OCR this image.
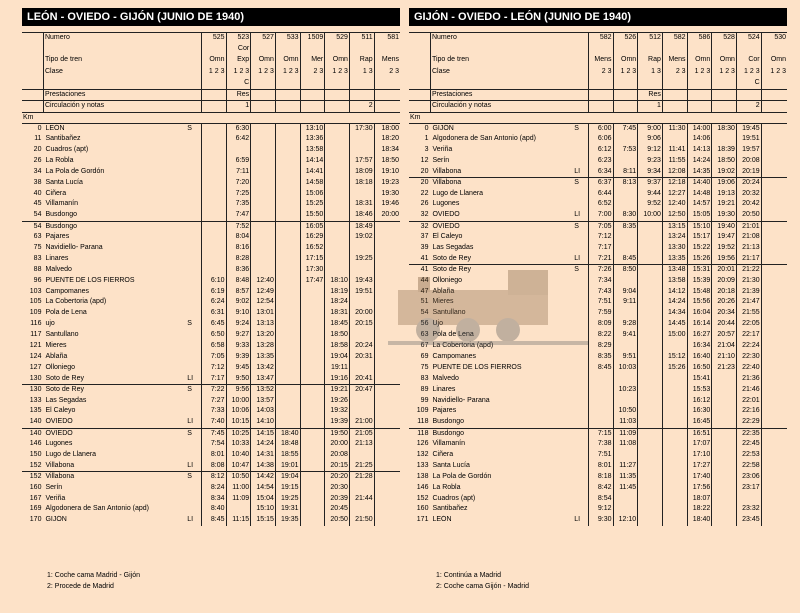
LEÓN - OVIEDO - GIJÓN (JUNIO DE 1940)
	Numero		525	523	527	533	1509	529	511	581
				Cor						
	Tipo de tren		Omn	Exp	Omn	Omn	Mer	Omn	Rap	Mens
	Clase		1 2 3	1 2 3	1 2 3	1 2 3	2 3	1 2 3	1 3	2 3
				C						
	Prestaciones			Res						
	Circulación y notas			1					2	
Km										
0	LEÓN	S		6:30			13:10		17:30	18:00
11	Santibañez			6:42			13:36			18:20
20	Cuadros (apt)						13:58			18:34
26	La Robla			6:59			14:14		17:57	18:50
34	La Pola de Gordón			7:11			14:41		18:09	19:10
38	Santa Lucía			7:20			14:58		18:18	19:23
40	Ciñera			7:25			15:06			19:30
45	Villamanín			7:35			15:25		18:31	19:46
54	Busdongo			7:47			15:50		18:46	20:00
54	Busdongo			7:52			16:05		18:49	
63	Pajares			8:04			16:29		19:02	
75	Navidiello- Parana			8:16			16:52			
83	Linares			8:28			17:15		19:25	
88	Malvedo			8:36			17:30			
96	PUENTE DE LOS FIERROS		6:10	8:48	12:40		17:47	18:10	19:43	
103	Campomanes		6:19	8:57	12:49			18:19	19:51	
105	La Cobertoria (apd)		6:24	9:02	12:54			18:24		
109	Pola de Lena		6:31	9:10	13:01			18:31	20:00	
116	ujo	S	6:45	9:24	13:13			18:45	20:15	
117	Santullano		6:50	9:27	13:20			18:50		
121	Mieres		6:58	9:33	13:28			18:58	20:24	
124	Ablaña		7:05	9:39	13:35			19:04	20:31	
127	Olloniego		7:12	9:45	13:42			19:11		
130	Soto de Rey	LI	7:17	9:50	13:47			19:16	20:41	
130	Soto de Rey	S	7:22	9:56	13:52			19:21	20:47	
133	Las Segadas		7:27	10:00	13:57			19:26		
135	El Caleyo		7:33	10:06	14:03			19:32		
140	OVIEDO	LI	7:40	10:15	14:10			19:39	21:00	
140	OVIEDO	S	7:45	10:25	14:15	18:40		19:50	21:05	
146	Lugones		7:54	10:33	14:24	18:48		20:00	21:13	
150	Lugo de Llanera		8:01	10:40	14:31	18:55		20:08		
152	Villabona	LI	8:08	10:47	14:38	19:01		20:15	21:25	
152	Villabona	S	8:12	10:50	14:42	19:04		20:20	21:28	
160	Serín		8:24	11:00	14:54	19:15		20:30		
167	Veriña		8:34	11:09	15:04	19:25		20:39	21:44	
169	Algodonera de San Antonio (apd)		8:40		15:10	19:31		20:45		
170	GIJÓN	LI	8:45	11:15	15:15	19:35		20:50	21:50	
GIJÓN - OVIEDO - LEÓN (JUNIO DE 1940)
	Numero		582	526	512	582	586	528	524	530

	Tipo de tren		Mens	Omn	Rap	Mens	Omn	Omn	Cor	Omn
	Clase		2 3	1 2 3	1 3	2 3	1 2 3	1 2 3	1 2 3	1 2 3
									C	
	Prestaciones				Res					
	Circulación y notas				1				2	
Km										
0	GIJÓN	S	6:00	7:45	9:00	11:30	14:00	18:30	19:45	
1	Algodonera de San Antonio (apd)		6:06		9:06		14:06		19:51	
3	Veriña		6:12	7:53	9:12	11:41	14:13	18:39	19:57	
12	Serín		6:23		9:23	11:55	14:24	18:50	20:08	
20	Villabona	LI	6:34	8:11	9:34	12:08	14:35	19:02	20:19	
20	Villabona	S	6:37	8:13	9:37	12:18	14:40	19:06	20:24	
22	Lugo de Llanera		6:44		9:44	12:27	14:48	19:13	20:32	
26	Lugones		6:52		9:52	12:40	14:57	19:21	20:42	
32	OVIEDO	LI	7:00	8:30	10:00	12:50	15:05	19:30	20:50	
32	OVIEDO	S	7:05	8:35		13:15	15:10	19:40	21:01	
37	El Caleyo		7:12			13:24	15:17	19:47	21:08	
39	Las Segadas		7:17			13:30	15:22	19:52	21:13	
41	Soto de Rey	LI	7:21	8:45		13:35	15:26	19:56	21:17	
41	Soto de Rey	S	7:26	8:50		13:48	15:31	20:01	21:22	
44	Olloniego		7:34			13:58	15:39	20:09	21:30	
47	Ablaña		7:43	9:04		14:12	15:48	20:18	21:39	
51	Mieres		7:51	9:11		14:24	15:56	20:26	21:47	
54	Santullano		7:59			14:34	16:04	20:34	21:55	
56	Ujo		8:09	9:28		14:45	16:14	20:44	22:05	
63	Pola de Lena		8:22	9:41		15:00	16:27	20:57	22:17	
67	La Cobertoria (apd)		8:29				16:34	21:04	22:24	
69	Campomanes		8:35	9:51		15:12	16:40	21:10	22:30	
75	PUENTE DE LOS FIERROS		8:45	10:03		15:26	16:50	21:23	22:40	
83	Malvedo						15:41		21:36	
89	Linares			10:23			15:53		21:46	
99	Navidiello- Parana						16:12		22:01	
109	Pajares			10:50			16:30		22:16	
118	Busdongo			11:03			16:45		22:29	
118	Busdongo		7:15	11:09			16:51		22:35	
126	Villamanín		7:38	11:08			17:07		22:45	
132	Ciñera		7:51				17:10		22:53	
133	Santa Lucía		8:01	11:27			17:27		22:58	
138	La Pola de Gordón		8:18	11:35			17:40		23:06	
146	La Robla		8:42	11:45			17:56		23:17	
152	Cuadros (apt)		8:54				18:07			
160	Santibañez		9:12				18:22		23:32	
171	LEÓN	LI	9:30	12:10			18:40		23:45	
1: Coche cama Madrid - Gijón
2: Procede de Madrid
1: Continúa a Madrid
2: Coche cama Gijón - Madrid
